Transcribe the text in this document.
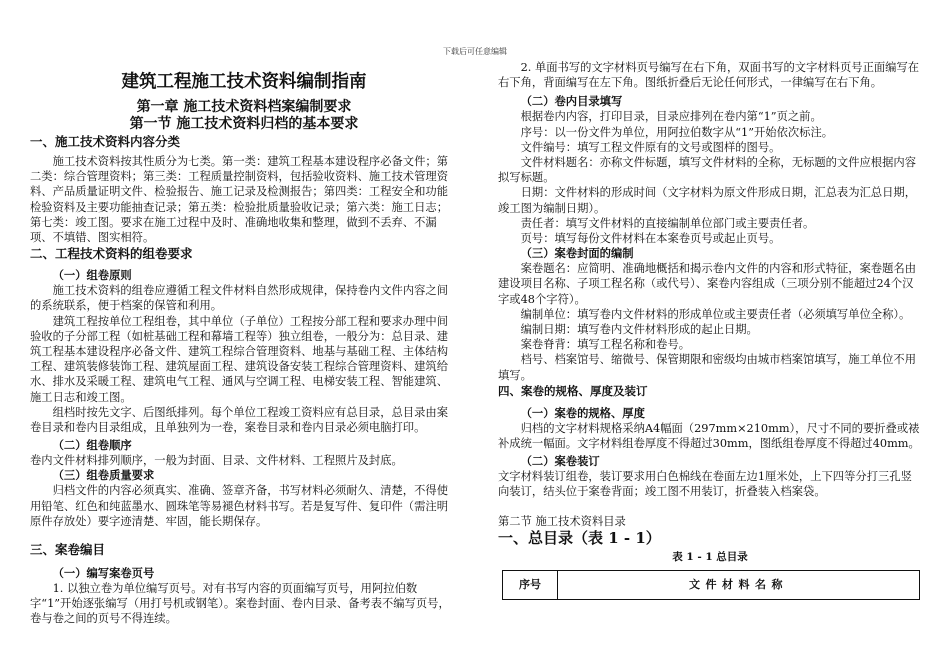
下载后可任意编辑

建筑工程施工技术资料编制指南

第一章 施工技术资料档案编制要求

第一节 施工技术资料归档的基本要求

一、施工技术资料内容分类

施工技术资料按其性质分为七类。第一类：建筑工程基本建设程序必备文件；第二类：综合管理资料；第三类：工程质量控制资料，包括验收资料、施工技术管理资料、产品质量证明文件、检验报告、施工记录及检测报告；第四类：工程安全和功能检验资料及主要功能抽查记录；第五类：检验批质量验收记录；第六类：施工日志；第七类：竣工图。要求在施工过程中及时、准确地收集和整理，做到不丢弃、不漏项、不填错、图实相符。

二、工程技术资料的组卷要求

（一）组卷原则

施工技术资料的组卷应遵循工程文件材料自然形成规律，保持卷内文件内容之间的系统联系，便于档案的保管和利用。

建筑工程按单位工程组卷，其中单位（子单位）工程按分部工程和要求办理中间验收的子分部工程（如桩基础工程和幕墙工程等）独立组卷，一般分为：总目录、建筑工程基本建设程序必备文件、建筑工程综合管理资料、地基与基础工程、主体结构工程、建筑装修装饰工程、建筑屋面工程、建筑设备安装工程综合管理资料、建筑给水、排水及采暖工程、建筑电气工程、通风与空调工程、电梯安装工程、智能建筑、施工日志和竣工图。

组档时按先文字、后图纸排列。每个单位工程竣工资料应有总目录，总目录由案卷目录和卷内目录组成，且单独列为一卷，案卷目录和卷内目录必须电脑打印。

（二）组卷顺序

卷内文件材料排列顺序，一般为封面、目录、文件材料、工程照片及封底。

（三）组卷质量要求

归档文件的内容必须真实、准确、签章齐备，书写材料必须耐久、清楚，不得使用铅笔、红色和纯蓝墨水、圆珠笔等易褪色材料书写。若是复写件、复印件（需注明原件存放处）要字迹清楚、牢固，能长期保存。

三、案卷编目

（一）编写案卷页号

1. 以独立卷为单位编写页号。对有书写内容的页面编写页号，用阿拉伯数字“1”开始逐张编写（用打号机或钢笔）。案卷封面、卷内目录、备考表不编写页号，卷与卷之间的页号不得连续。

2. 单面书写的文字材料页号编写在右下角，双面书写的文字材料页号正面编写在右下角，背面编写在左下角。图纸折叠后无论任何形式，一律编写在右下角。

（二）卷内目录填写

根据卷内内容，打印目录，目录应排列在卷内第“1”页之前。

序号：以一份文件为单位，用阿拉伯数字从“1”开始依次标注。

文件编号：填写工程文件原有的文号或图样的图号。

文件材料题名：亦称文件标题，填写文件材料的全称，无标题的文件应根据内容拟写标题。

日期：文件材料的形成时间（文字材料为原文件形成日期，汇总表为汇总日期，竣工图为编制日期）。

责任者：填写文件材料的直接编制单位部门或主要责任者。

页号：填写每份文件材料在本案卷页号或起止页号。

（三）案卷封面的编制

案卷题名：应简明、准确地概括和揭示卷内文件的内容和形式特征，案卷题名由建设项目名称、子项工程名称（或代号）、案卷内容组成（三项分别不能超过24个汉字或48个字符）。

编制单位：填写卷内文件材料的形成单位或主要责任者（必须填写单位全称）。

编制日期：填写卷内文件材料形成的起止日期。

案卷脊背：填写工程名称和卷号。

档号、档案馆号、缩微号、保管期限和密级均由城市档案馆填写，施工单位不用填写。

四、案卷的规格、厚度及装订

（一）案卷的规格、厚度

归档的文字材料规格采纳A4幅面（297mm×210mm），尺寸不同的要折叠或裱补成统一幅面。文字材料组卷厚度不得超过30mm，图纸组卷厚度不得超过40mm。

（二）案卷装订

文字材料装订组卷，装订要求用白色棉线在卷面左边1厘米处，上下四等分打三孔竖向装订，结头位于案卷背面；竣工图不用装订，折叠装入档案袋。

第二节 施工技术资料目录

一、总目录（表 1 - 1）

表 1 - 1 总目录

序号	文件材料名称
